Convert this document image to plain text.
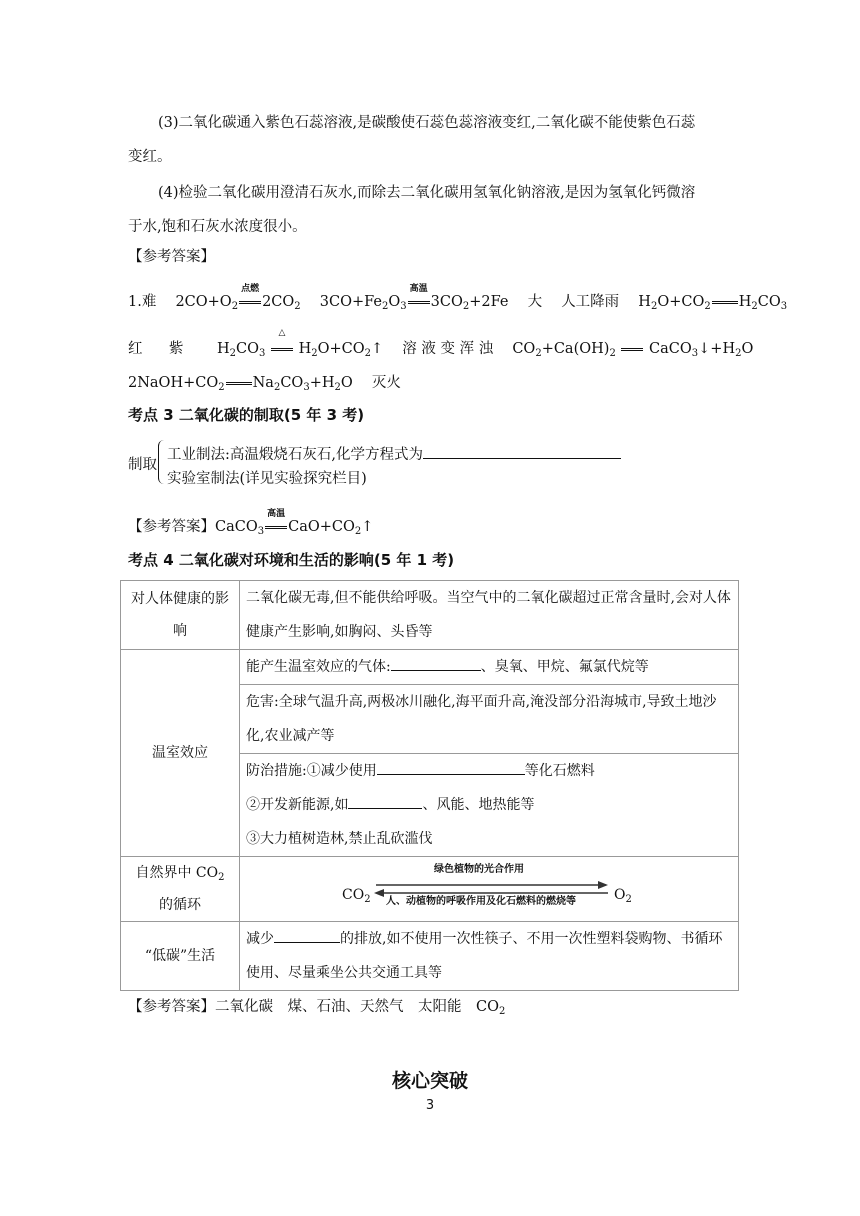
(3)二氧化碳通入紫色石蕊溶液,是碳酸使石蕊色蕊溶液变红,二氧化碳不能使紫色石蕊
变红。
(4)检验二氧化碳用澄清石灰水,而除去二氧化碳用氢氧化钠溶液,是因为氢氧化钙微溶
于水,饱和石灰水浓度很小。
【参考答案】
1.难  $2CO+O_2$
点燃
$2CO_2$  $3CO+Fe_2O_3$
高温
$3CO_2+2Fe$  大  人工降雨  $H_2O+CO_2$ $H_2CO_3$
红   紫   $H_2CO_3$
△
$H_2O+CO_2↑$  溶 液 变 浑 浊  $CO_2+Ca(OH)_2$  $CaCO_3↓+H_2O$
$2NaOH+CO_2$ $Na_2CO_3+H_2O$  灭火
考点 3 二氧化碳的制取(5 年 3 考)
制取
工业制法:高温煅烧石灰石,化学方程式为
实验室制法(详见实验探究栏目)
【参考答案】CaCO$_3$
高温
$CaO+CO_2↑$
考点 4 二氧化碳对环境和生活的影响(5 年 1 考)
对人体健康的影响	二氧化碳无毒,但不能供给呼吸。当空气中的二氧化碳超过正常含量时,会对人体健康产生影响,如胸闷、头昏等
温室效应	能产生温室效应的气体: 、臭氧、甲烷、氟氯代烷等
	危害:全球气温升高,两极冰川融化,海平面升高,淹没部分沿海城市,导致土地沙化,农业减产等

	防治措施:①减少使用 等化石燃料
②开发新能源,如 、风能、地热能等
③大力植树造林,禁止乱砍滥伐

自然界中 $CO_2$
的循环	$CO_2$ $O_2$
绿色植物的光合作用
人、动植物的呼吸作用及化石燃料的燃烧等

“低碳”生活	减少 的排放,如不使用一次性筷子、不用一次性塑料袋购物、书循环使用、尽量乘坐公共交通工具等
【参考答案】二氧化碳　煤、石油、天然气　太阳能　$CO_2$
核心突破
3
